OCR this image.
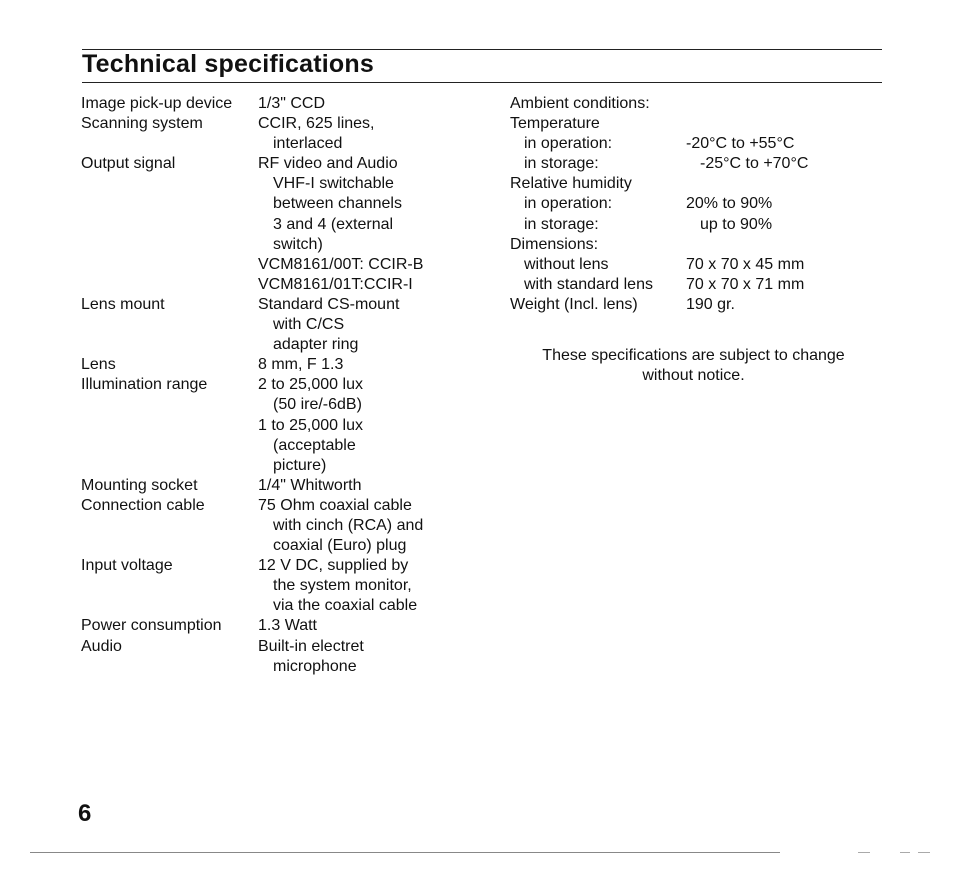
Technical specifications
Image pick-up device	1/3" CCD
Scanning system	CCIR, 625 lines,
interlaced
Output signal	RF video and Audio
VHF-I switchable
between channels
3 and 4 (external
switch)
VCM8161/00T: CCIR-B
VCM8161/01T:CCIR-I
Lens mount	Standard CS-mount
with C/CS
adapter ring
Lens	8 mm, F 1.3
Illumination range	2 to 25,000 lux
(50 ire/-6dB)
1 to 25,000 lux
(acceptable
picture)
Mounting socket	1/4" Whitworth
Connection cable	75 Ohm coaxial cable
with cinch (RCA) and
coaxial (Euro) plug
Input voltage	12 V DC, supplied by
the system monitor,
via the coaxial cable
Power consumption	1.3 Watt
Audio	Built-in electret
microphone
Ambient conditions:
Temperature
in operation:	-20°C to +55°C
in storage:	-25°C to +70°C
Relative humidity
in operation:	20% to 90%
in storage:	up to 90%
Dimensions:
without lens	70 x 70 x 45 mm
with standard lens	70 x 70 x 71 mm
Weight (Incl. lens)	190 gr.
These specifications are subject to change
without notice.
6
